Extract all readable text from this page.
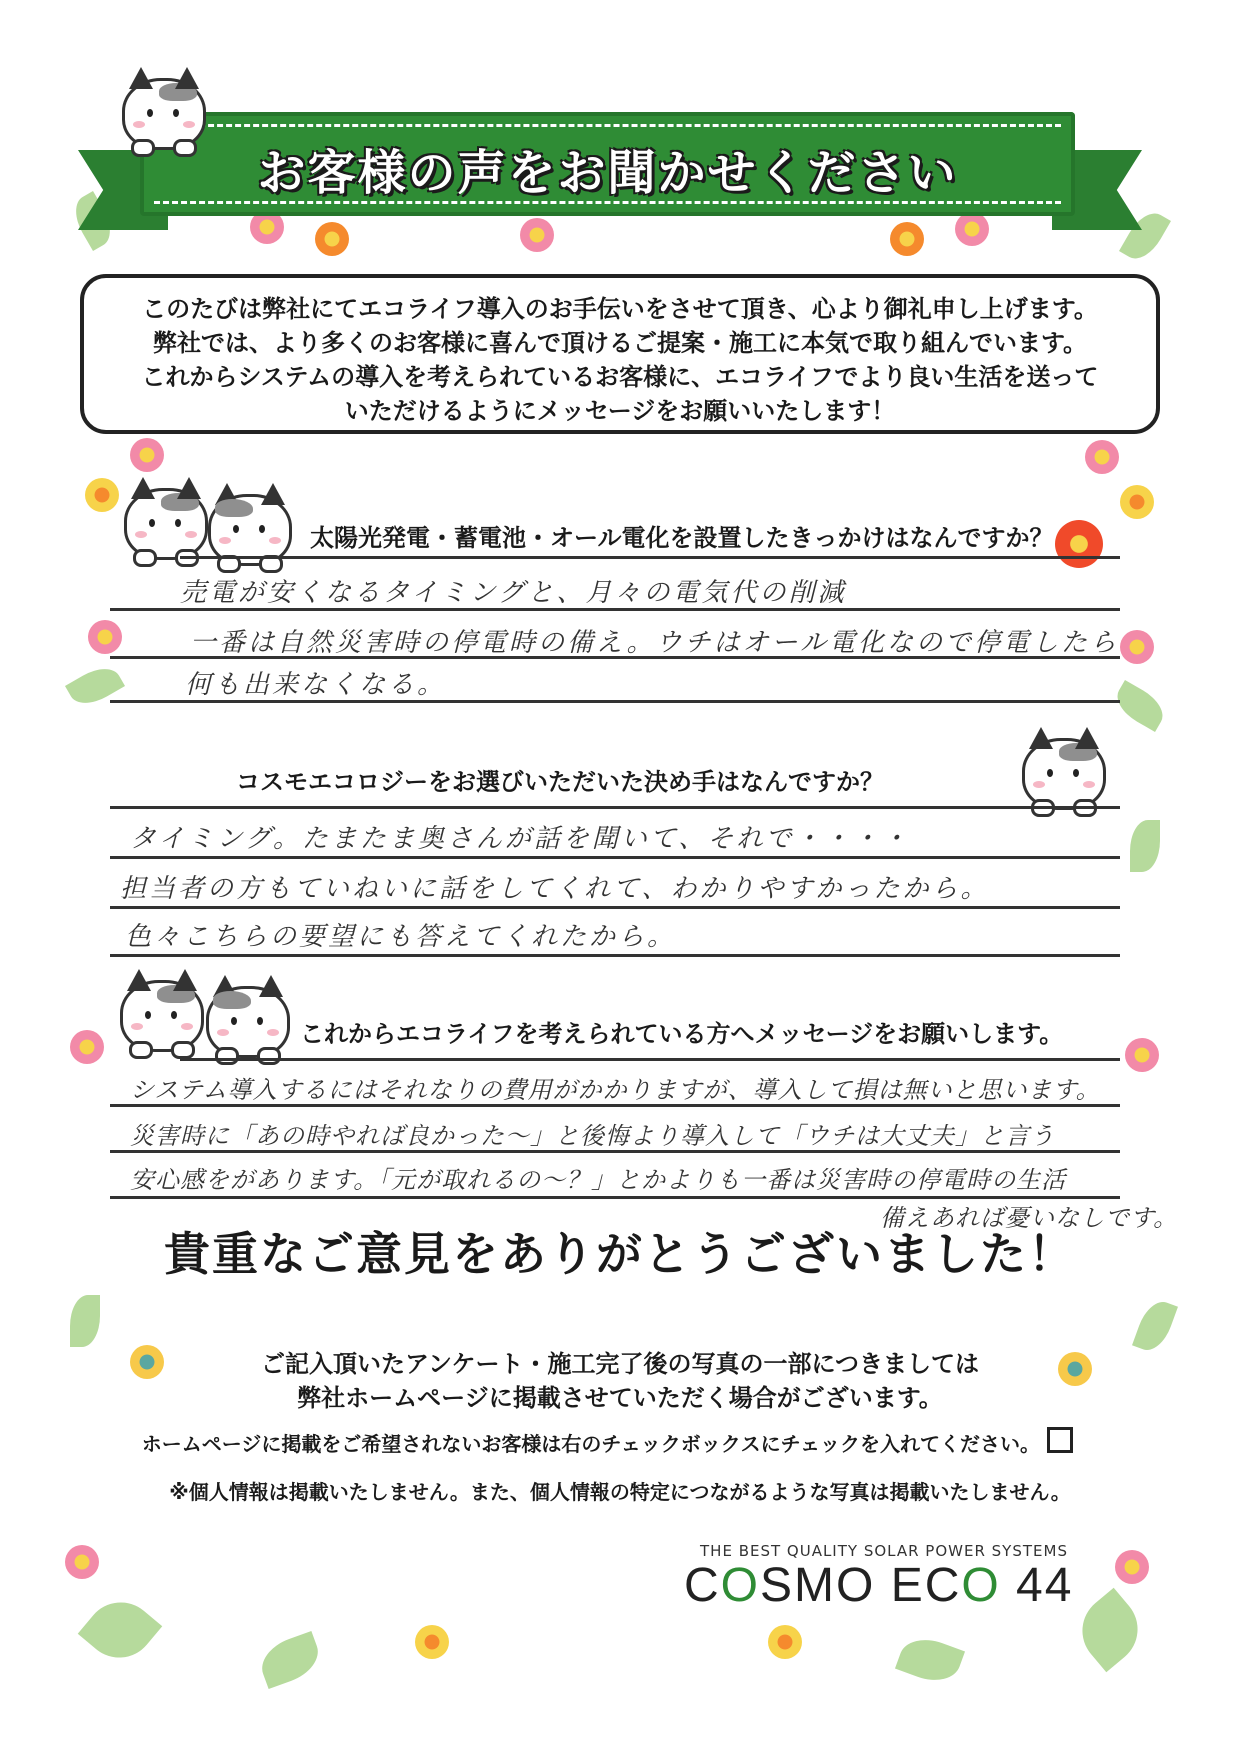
お客様の声をお聞かせください

このたびは弊社にてエコライフ導入のお手伝いをさせて頂き、心より御礼申し上げます。

弊社では、より多くのお客様に喜んで頂けるご提案・施工に本気で取り組んでいます。

これからシステムの導入を考えられているお客様に、エコライフでより良い生活を送って

いただけるようにメッセージをお願いいたします！

太陽光発電・蓄電池・オール電化を設置したきっかけはなんですか？
売電が安くなるタイミングと、月々の電気代の削減
一番は自然災害時の停電時の備え。ウチはオール電化なので停電したら
何も出来なくなる。
コスモエコロジーをお選びいただいた決め手はなんですか？
タイミング。たまたま奥さんが話を聞いて、それで・・・・
担当者の方もていねいに話をしてくれて、わかりやすかったから。
色々こちらの要望にも答えてくれたから。
これからエコライフを考えられている方へメッセージをお願いします。
システム導入するにはそれなりの費用がかかりますが、導入して損は無いと思います。
災害時に「あの時やれば良かった〜」と後悔より導入して「ウチは大丈夫」と言う
安心感をがあります。「元が取れるの〜？」とかよりも一番は災害時の停電時の生活
備えあれば憂いなしです。
貴重なご意見をありがとうございました！
ご記入頂いたアンケート・施工完了後の写真の一部につきましては
弊社ホームページに掲載させていただく場合がございます。
ホームページに掲載をご希望されないお客様は右のチェックボックスにチェックを入れてください。
※個人情報は掲載いたしません。また、個人情報の特定につながるような写真は掲載いたしません。
THE BEST QUALITY SOLAR POWER SYSTEMS
COSMO ECO 44
